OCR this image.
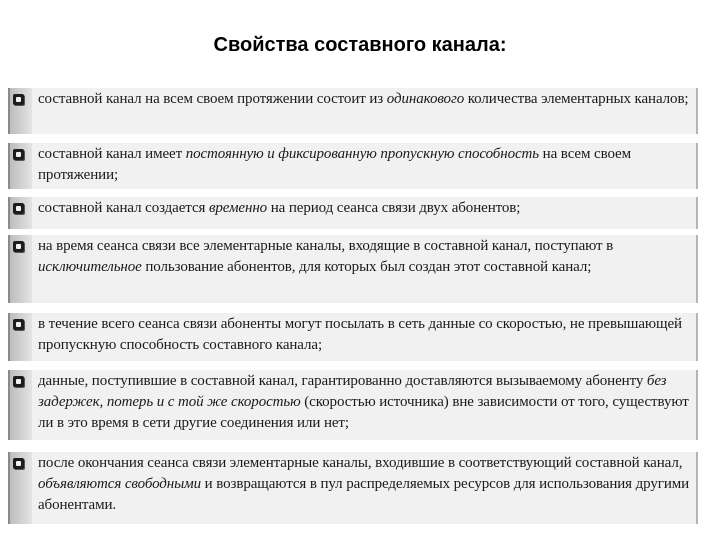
Свойства составного канала:
составной канал на всем своем протяжении состоит из одинакового количества элементарных каналов;
составной канал имеет постоянную и фиксированную пропускную способность на всем своем протяжении;
составной канал создается временно на период сеанса связи двух абонентов;
на время сеанса связи все элементарные каналы, входящие в составной канал, поступают в исключительное пользование абонентов, для которых был создан этот составной канал;
в течение всего сеанса связи абоненты могут посылать в сеть данные со скоростью, не превышающей пропускную способность составного канала;
данные, поступившие в составной канал, гарантированно доставляются вызываемому абоненту без задержек, потерь и с той же скоростью (скоростью источника) вне зависимости от того, существуют ли в это время в сети другие соединения или нет;
после окончания сеанса связи элементарные каналы, входившие в соответствующий составной канал, объявляются свободными и возвращаются в пул распределяемых ресурсов для использования другими абонентами.
